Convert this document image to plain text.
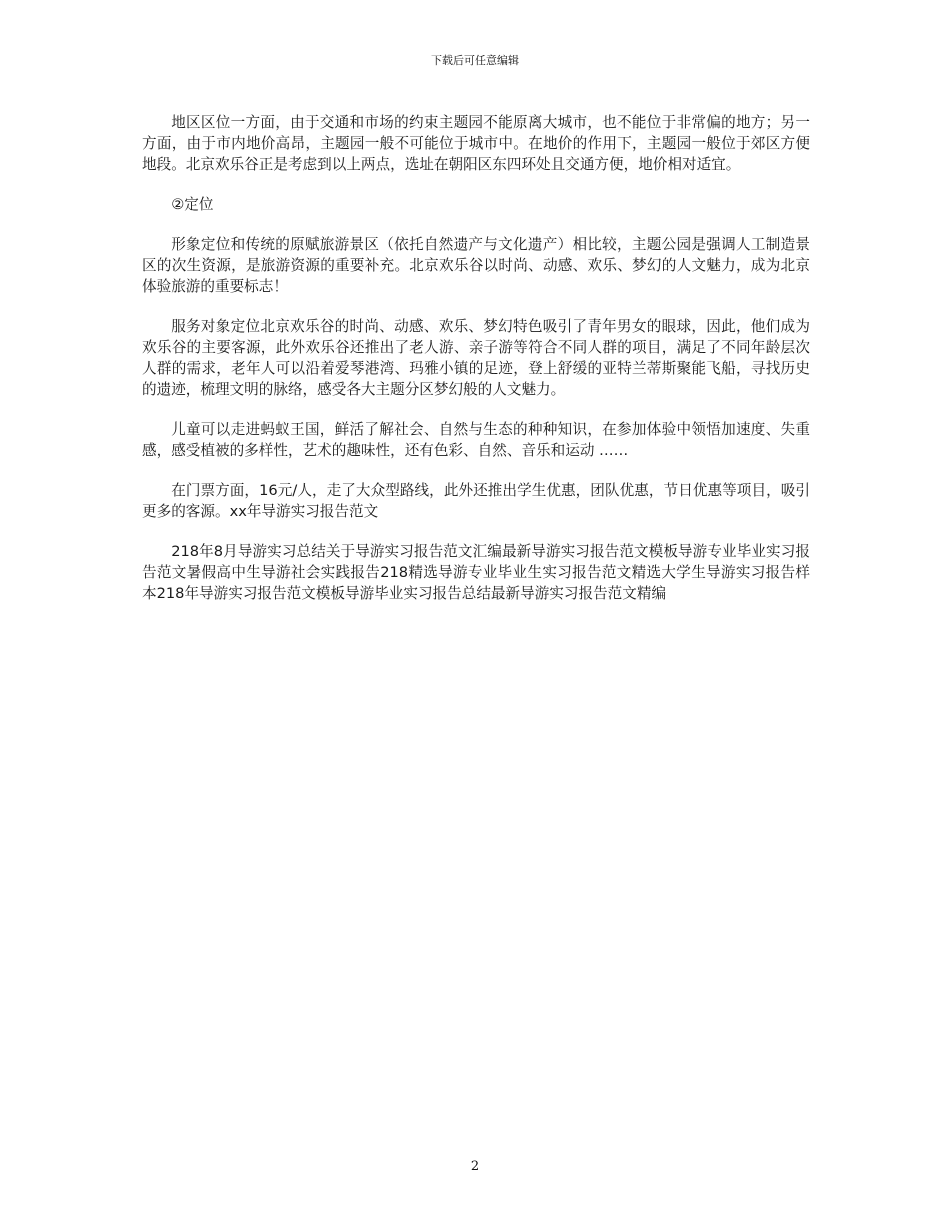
下载后可任意编辑

地区区位一方面，由于交通和市场的约束主题园不能原离大城市，也不能位于非常偏的地方；另一方面，由于市内地价高昂，主题园一般不可能位于城市中。在地价的作用下，主题园一般位于郊区方便地段。北京欢乐谷正是考虑到以上两点，选址在朝阳区东四环处且交通方便，地价相对适宜。

②定位

形象定位和传统的原赋旅游景区（依托自然遗产与文化遗产）相比较，主题公园是强调人工制造景区的次生资源，是旅游资源的重要补充。北京欢乐谷以时尚、动感、欢乐、梦幻的人文魅力，成为北京体验旅游的重要标志！

服务对象定位北京欢乐谷的时尚、动感、欢乐、梦幻特色吸引了青年男女的眼球，因此，他们成为欢乐谷的主要客源，此外欢乐谷还推出了老人游、亲子游等符合不同人群的项目，满足了不同年龄层次人群的需求，老年人可以沿着爱琴港湾、玛雅小镇的足迹，登上舒缓的亚特兰蒂斯聚能飞船，寻找历史的遗迹，梳理文明的脉络，感受各大主题分区梦幻般的人文魅力。

儿童可以走进蚂蚁王国，鲜活了解社会、自然与生态的种种知识，在参加体验中领悟加速度、失重感，感受植被的多样性，艺术的趣味性，还有色彩、自然、音乐和运动 ……

在门票方面，16元/人，走了大众型路线，此外还推出学生优惠，团队优惠，节日优惠等项目，吸引更多的客源。xx年导游实习报告范文

218年8月导游实习总结关于导游实习报告范文汇编最新导游实习报告范文模板导游专业毕业实习报告范文暑假高中生导游社会实践报告218精选导游专业毕业生实习报告范文精选大学生导游实习报告样本218年导游实习报告范文模板导游毕业实习报告总结最新导游实习报告范文精编

2
